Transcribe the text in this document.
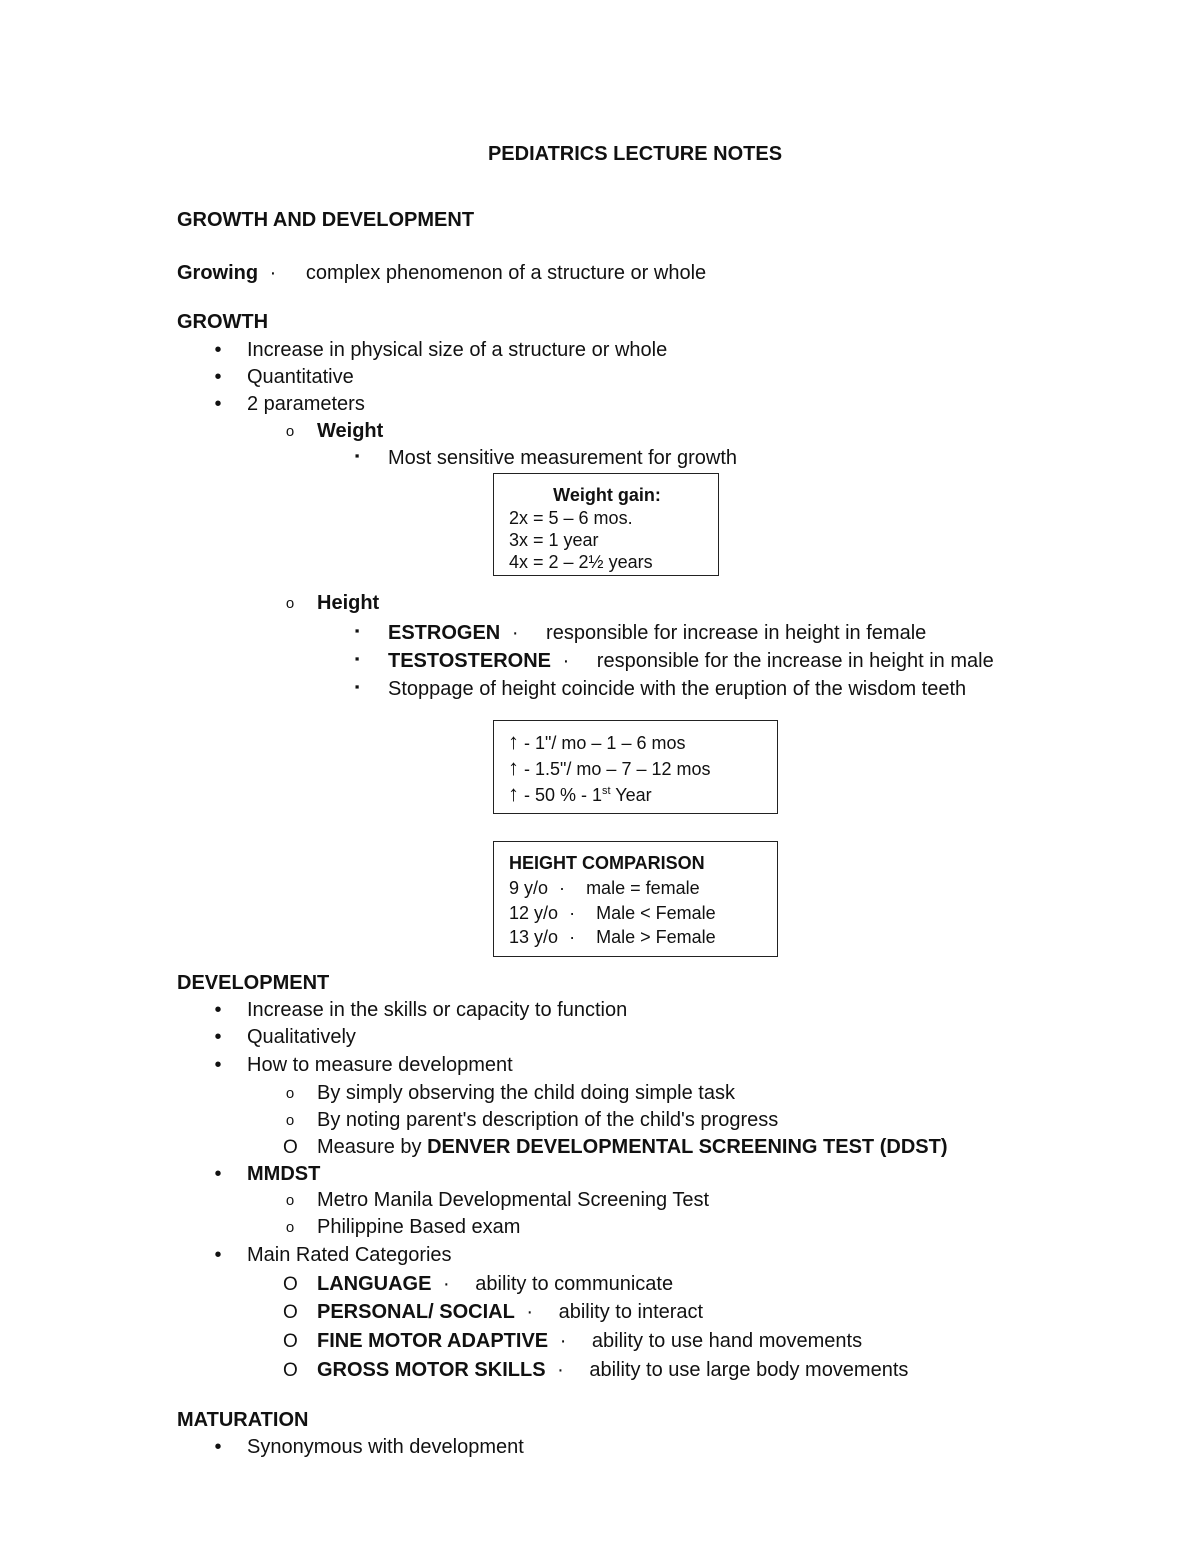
PEDIATRICS LECTURE NOTES
GROWTH AND DEVELOPMENT
Growing · complex phenomenon of a structure or whole
GROWTH
• Increase in physical size of a structure or whole
• Quantitative
• 2 parameters
o Weight
▪ Most sensitive measurement for growth
Weight gain:
2x = 5 – 6 mos.
3x = 1 year
4x = 2 – 2½ years
o Height
▪ ESTROGEN · responsible for increase in height in female
▪ TESTOSTERONE · responsible for the increase in height in male
▪ Stoppage of height coincide with the eruption of the wisdom teeth
↑ - 1"/ mo – 1 – 6 mos
↑ - 1.5"/ mo – 7 – 12 mos
↑ - 50 % - 1st Year
HEIGHT COMPARISON
9 y/o · male = female
12 y/o · Male < Female
13 y/o · Male > Female
DEVELOPMENT
• Increase in the skills or capacity to function
• Qualitatively
• How to measure development
o By simply observing the child doing simple task
o By noting parent's description of the child's progress
O Measure by DENVER DEVELOPMENTAL SCREENING TEST (DDST)
• MMDST
o Metro Manila Developmental Screening Test
o Philippine Based exam
• Main Rated Categories
O LANGUAGE · ability to communicate
O PERSONAL/ SOCIAL · ability to interact
O FINE MOTOR ADAPTIVE · ability to use hand movements
O GROSS MOTOR SKILLS · ability to use large body movements
MATURATION
• Synonymous with development
